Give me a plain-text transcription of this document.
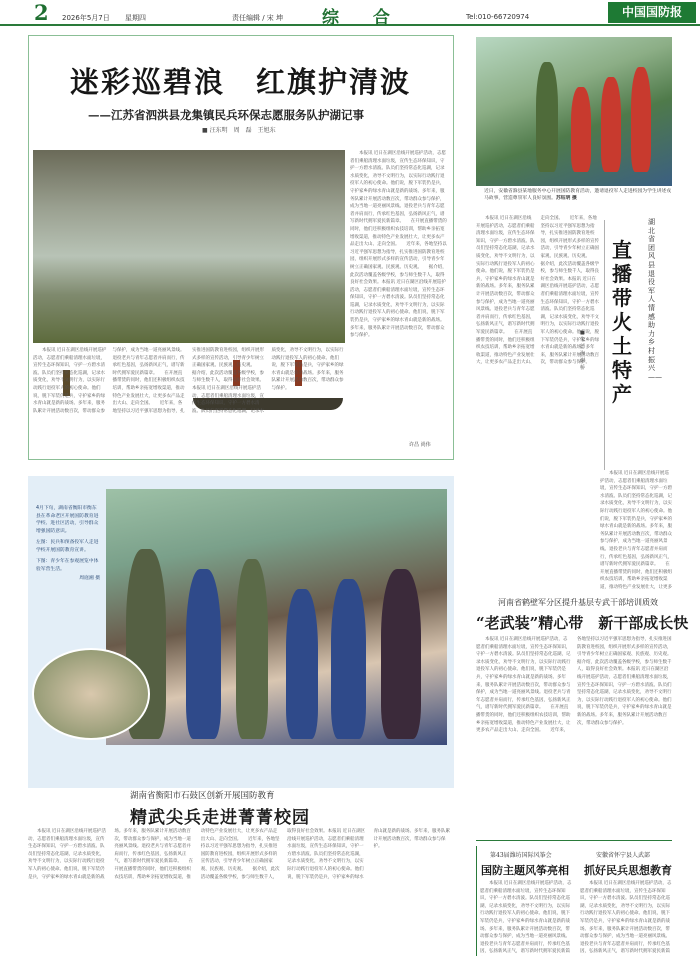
2 2026年5月7日 星期四	责任编辑 / 宋 坤 综 合	Tel:010-66720974	中国国防报
迷彩巡碧浪　红旗护清波
——江苏省泗洪县龙集镇民兵环保志愿服务队护湖记事
■ 汪东明　周　磊　王旭东
　　本报讯 近日在湖区沿线开展巡护活动，志愿者们乘船清理水面垃圾，宣传生态环保知识，守护一方碧水清波。队员们坚持常态化巡湖，记录水质变化，劝导不文明行为，以实际行动践行退役军人的初心使命。他们说，脱下军装仍是兵，守护家乡的绿水青山就是新的战场。多年来，服务队累计开展活动数百次，带动群众参与保护，成为当地一道亮丽风景线。退役老兵与青年志愿者并肩而行，传承红色基因，弘扬新风正气，谱写新时代拥军爱民新篇章。　　在开展直播带货的同时，他们还积极组织农技培训，帮助乡亲拓宽增收渠道，推动特色产业发展壮大，让更多农产品走出大山、走向全国。　　近年来，各地坚持以习近平强军思想为指导，扎实推进国防教育进校园，组织开展形式多样的宣传活动，引导青少年树立正确国家观、民族观、历史观。　　据介绍，此次活动覆盖各级学校，参与师生数千人，取得良好社会效果。本报讯 近日在湖区沿线开展巡护活动，志愿者们乘船清理水面垃圾，宣传生态环保知识，守护一方碧水清波。队员们坚持常态化巡湖，记录水质变化，劝导不文明行为，以实际行动践行退役军人的初心使命。他们说，脱下军装仍是兵，守护家乡的绿水青山就是新的战场。多年来，服务队累计开展活动数百次，带动群众参与保护。
　　本报讯 近日在湖区沿线开展巡护活动，志愿者们乘船清理水面垃圾，宣传生态环保知识，守护一方碧水清波。队员们坚持常态化巡湖，记录水质变化，劝导不文明行为，以实际行动践行退役军人的初心使命。他们说，脱下军装仍是兵，守护家乡的绿水青山就是新的战场。多年来，服务队累计开展活动数百次，带动群众参与保护，成为当地一道亮丽风景线。退役老兵与青年志愿者并肩而行，传承红色基因，弘扬新风正气，谱写新时代拥军爱民新篇章。　　在开展直播带货的同时，他们还积极组织农技培训，帮助乡亲拓宽增收渠道，推动特色产业发展壮大，让更多农产品走出大山、走向全国。　　近年来，各地坚持以习近平强军思想为指导，扎实推进国防教育进校园，组织开展形式多样的宣传活动，引导青少年树立正确国家观、民族观、历史观。　　据介绍，此次活动覆盖各级学校，参与师生数千人，取得良好社会效果。本报讯 近日在湖区沿线开展巡护活动，志愿者们乘船清理水面垃圾，宣传生态环保知识，守护一方碧水清波。队员们坚持常态化巡湖，记录水质变化，劝导不文明行为，以实际行动践行退役军人的初心使命。他们说，脱下军装仍是兵，守护家乡的绿水青山就是新的战场。多年来，服务队累计开展活动数百次，带动群众参与保护。
许昌 尚伟
近日，安徽省滁县某地服务中心开展国防教育活动，邀请退役军人走进校园为学生讲述戎马故事，营造尊崇军人良好氛围。苏钰明 摄
　　本报讯 近日在湖区沿线开展巡护活动，志愿者们乘船清理水面垃圾，宣传生态环保知识，守护一方碧水清波。队员们坚持常态化巡湖，记录水质变化，劝导不文明行为，以实际行动践行退役军人的初心使命。他们说，脱下军装仍是兵，守护家乡的绿水青山就是新的战场。多年来，服务队累计开展活动数百次，带动群众参与保护，成为当地一道亮丽风景线。退役老兵与青年志愿者并肩而行，传承红色基因，弘扬新风正气，谱写新时代拥军爱民新篇章。　　在开展直播带货的同时，他们还积极组织农技培训，帮助乡亲拓宽增收渠道，推动特色产业发展壮大，让更多农产品走出大山、走向全国。　　近年来，各地坚持以习近平强军思想为指导，扎实推进国防教育进校园，组织开展形式多样的宣传活动，引导青少年树立正确国家观、民族观、历史观。　　据介绍，此次活动覆盖各级学校，参与师生数千人，取得良好社会效果。本报讯 近日在湖区沿线开展巡护活动，志愿者们乘船清理水面垃圾，宣传生态环保知识，守护一方碧水清波。队员们坚持常态化巡湖，记录水质变化，劝导不文明行为，以实际行动践行退役军人的初心使命。他们说，脱下军装仍是兵，守护家乡的绿水青山就是新的战场。多年来，服务队累计开展活动数百次，带动群众参与保护。
湖北省团风县退役军人情感助力乡村振兴——
直播带火土特产
■ 朱德海　谢　桥
　　本报讯 近日在湖区沿线开展巡护活动，志愿者们乘船清理水面垃圾，宣传生态环保知识，守护一方碧水清波。队员们坚持常态化巡湖，记录水质变化，劝导不文明行为，以实际行动践行退役军人的初心使命。他们说，脱下军装仍是兵，守护家乡的绿水青山就是新的战场。多年来，服务队累计开展活动数百次，带动群众参与保护，成为当地一道亮丽风景线。退役老兵与青年志愿者并肩而行，传承红色基因，弘扬新风正气，谱写新时代拥军爱民新篇章。　　在开展直播带货的同时，他们还积极组织农技培训，帮助乡亲拓宽增收渠道，推动特色产业发展壮大，让更多农产品走出大山、走向全国。　　近年来，各地坚持以习近平强军思想为指导，扎实推进国防教育进校园，组织开展形式多样的宣传活动，引导青少年树立正确国家观、民族观、历史观。　　据介绍，此次活动覆盖各级学校，参与师生数千人，取得良好社会效果。本报讯 近日在湖区沿线开展巡护活动，志愿者们乘船清理水面垃圾，宣传生态环保知识，守护一方碧水清波。队员们坚持常态化巡湖，记录水质变化，劝导不文明行为，以实际行动践行退役军人的初心使命。他们说，脱下军装仍是兵，守护家乡的绿水青山就是新的战场。多年来，服务队累计开展活动数百次，带动群众参与保护。
4月下旬，湖南省衡阳市衡东县在革命老区开展国防教育进学校、进社区活动，引导群众增强国防意识。
左图：民兵和预备役军人走进学校开展国防教育宣讲。
下图：青少年在参观展览中体验军营生活。
周庭湘 摄
湖南省衡阳市石鼓区创新开展国防教育
精武尖兵走进菁菁校园
　　本报讯 近日在湖区沿线开展巡护活动，志愿者们乘船清理水面垃圾，宣传生态环保知识，守护一方碧水清波。队员们坚持常态化巡湖，记录水质变化，劝导不文明行为，以实际行动践行退役军人的初心使命。他们说，脱下军装仍是兵，守护家乡的绿水青山就是新的战场。多年来，服务队累计开展活动数百次，带动群众参与保护，成为当地一道亮丽风景线。退役老兵与青年志愿者并肩而行，传承红色基因，弘扬新风正气，谱写新时代拥军爱民新篇章。　　在开展直播带货的同时，他们还积极组织农技培训，帮助乡亲拓宽增收渠道，推动特色产业发展壮大，让更多农产品走出大山、走向全国。　　近年来，各地坚持以习近平强军思想为指导，扎实推进国防教育进校园，组织开展形式多样的宣传活动，引导青少年树立正确国家观、民族观、历史观。　　据介绍，此次活动覆盖各级学校，参与师生数千人，取得良好社会效果。本报讯 近日在湖区沿线开展巡护活动，志愿者们乘船清理水面垃圾，宣传生态环保知识，守护一方碧水清波。队员们坚持常态化巡湖，记录水质变化，劝导不文明行为，以实际行动践行退役军人的初心使命。他们说，脱下军装仍是兵，守护家乡的绿水青山就是新的战场。多年来，服务队累计开展活动数百次，带动群众参与保护。
河南省鹤壁军分区提升基层专武干部培训质效
“老武装”精心带　新干部成长快
　　本报讯 近日在湖区沿线开展巡护活动，志愿者们乘船清理水面垃圾，宣传生态环保知识，守护一方碧水清波。队员们坚持常态化巡湖，记录水质变化，劝导不文明行为，以实际行动践行退役军人的初心使命。他们说，脱下军装仍是兵，守护家乡的绿水青山就是新的战场。多年来，服务队累计开展活动数百次，带动群众参与保护，成为当地一道亮丽风景线。退役老兵与青年志愿者并肩而行，传承红色基因，弘扬新风正气，谱写新时代拥军爱民新篇章。　　在开展直播带货的同时，他们还积极组织农技培训，帮助乡亲拓宽增收渠道，推动特色产业发展壮大，让更多农产品走出大山、走向全国。　　近年来，各地坚持以习近平强军思想为指导，扎实推进国防教育进校园，组织开展形式多样的宣传活动，引导青少年树立正确国家观、民族观、历史观。　　据介绍，此次活动覆盖各级学校，参与师生数千人，取得良好社会效果。本报讯 近日在湖区沿线开展巡护活动，志愿者们乘船清理水面垃圾，宣传生态环保知识，守护一方碧水清波。队员们坚持常态化巡湖，记录水质变化，劝导不文明行为，以实际行动践行退役军人的初心使命。他们说，脱下军装仍是兵，守护家乡的绿水青山就是新的战场。多年来，服务队累计开展活动数百次，带动群众参与保护。
第43届潍坊国际风筝会
国防主题风筝亮相
　　本报讯 近日在湖区沿线开展巡护活动，志愿者们乘船清理水面垃圾，宣传生态环保知识，守护一方碧水清波。队员们坚持常态化巡湖，记录水质变化，劝导不文明行为，以实际行动践行退役军人的初心使命。他们说，脱下军装仍是兵，守护家乡的绿水青山就是新的战场。多年来，服务队累计开展活动数百次，带动群众参与保护，成为当地一道亮丽风景线。退役老兵与青年志愿者并肩而行，传承红色基因，弘扬新风正气，谱写新时代拥军爱民新篇章。　　在开展直播带货的同时，他们还积极组织农技培训，帮助乡亲拓宽增收渠道，推动特色产业发展壮大，让更多农产品走出大山、走向全国。　　近年来，各地坚持以习近平强军思想为指导，扎实推进国防教育进校园，组织开展形式多样的宣传活动，引导青少年树立正确国家观、民族观、历史观。　　据介绍，此次活动覆盖各级学校，参与师生数千人，取得良好社会效果。本报讯 近日在湖区沿线开展巡护活动，志愿者们乘船清理水面垃圾，宣传生态环保知识，守护一方碧水清波。队员们坚持常态化巡湖，记录水质变化，劝导不文明行为，以实际行动践行退役军人的初心使命。他们说，脱下军装仍是兵，守护家乡的绿水青山就是新的战场。多年来，服务队累计开展活动数百次，带动群众参与保护。
安徽省怀宁县人武部
抓好民兵思想教育
　　本报讯 近日在湖区沿线开展巡护活动，志愿者们乘船清理水面垃圾，宣传生态环保知识，守护一方碧水清波。队员们坚持常态化巡湖，记录水质变化，劝导不文明行为，以实际行动践行退役军人的初心使命。他们说，脱下军装仍是兵，守护家乡的绿水青山就是新的战场。多年来，服务队累计开展活动数百次，带动群众参与保护，成为当地一道亮丽风景线。退役老兵与青年志愿者并肩而行，传承红色基因，弘扬新风正气，谱写新时代拥军爱民新篇章。　　在开展直播带货的同时，他们还积极组织农技培训，帮助乡亲拓宽增收渠道，推动特色产业发展壮大，让更多农产品走出大山、走向全国。　　近年来，各地坚持以习近平强军思想为指导，扎实推进国防教育进校园，组织开展形式多样的宣传活动，引导青少年树立正确国家观、民族观、历史观。　　据介绍，此次活动覆盖各级学校，参与师生数千人，取得良好社会效果。本报讯 近日在湖区沿线开展巡护活动，志愿者们乘船清理水面垃圾，宣传生态环保知识，守护一方碧水清波。队员们坚持常态化巡湖，记录水质变化，劝导不文明行为，以实际行动践行退役军人的初心使命。他们说，脱下军装仍是兵，守护家乡的绿水青山就是新的战场。多年来，服务队累计开展活动数百次，带动群众参与保护。
